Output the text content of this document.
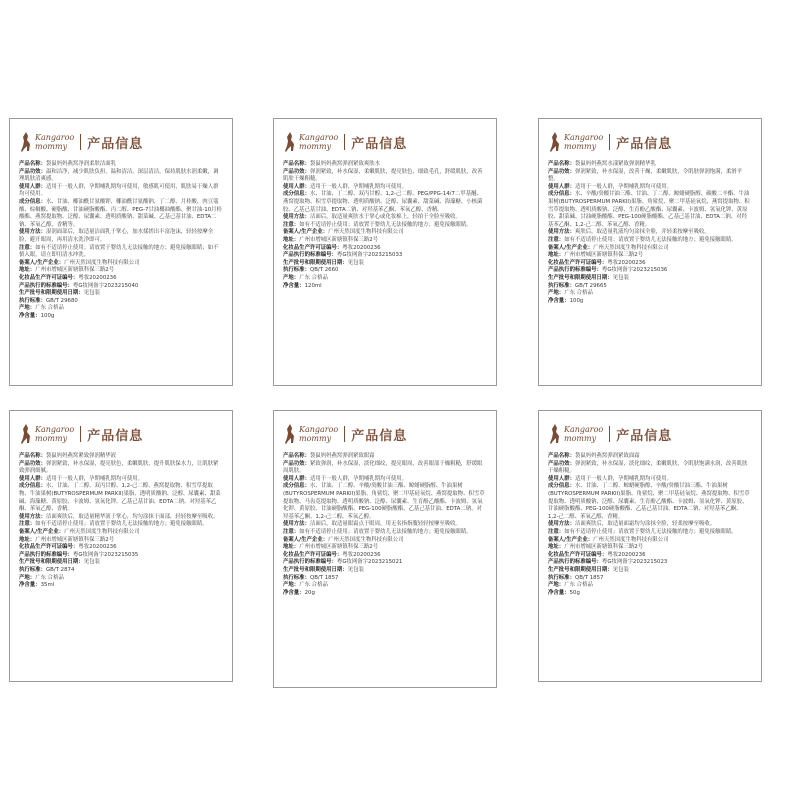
Kangaroo
mommy	产品信息

产品名称：袋鼠妈妈燕窝净润柔肤洁面乳

产品功效：温和洁净，减少肌肤负担，温和清洁，深层清洁，保持肌肤水润柔嫩，调理肌肤清爽感。

使用人群：适用于一般人群，孕期哺乳期均可使用，敏感肌可使用，肌肤易干燥人群均可使用。

成分信息：水、甘油、椰油酰甘氨酸钾、椰油酰甘氨酸钠、丁二醇、月桂酸、肉豆蔻酸、棕榈酸、硬脂酸、甘油硬脂酸酯、丙二醇、PEG-7甘油椰油酸酯、聚甘油-10月桂酸酯、燕窝提取物、泛醇、尿囊素、透明质酸钠、甜菜碱、乙基己基甘油、EDTA二钠、苯氧乙醇、香精等。

使用方法：湿润面部后，取适量洁面乳于掌心，加水揉搓出丰富泡沫，轻轻按摩全脸，避开眼周，再用清水洗净即可。

注意：如有不适请停止使用；请放置于婴幼儿无法接触的地方；避免接触眼睛；如不慎入眼，请立即用清水冲洗。

备案人/生产企业：广州天然国度生物科技有限公司

地址：广州市增城区新塘镇科保三路2号

化妆品生产许可证编号：粤妆20200236

产品执行的标准编号：粤G妆网备字2023215040

生产批号和限期使用日期：见包装

执行标准：GB/T 29680

产地：广东 合格品

净含量：100g

Kangaroo
mommy	产品信息

产品名称：袋鼠妈妈燕窝弹润紧致爽肤水

产品功效：弹润紧致，补水保湿，柔嫩肌肤，提亮肤色，细致毛孔，舒缓肌肤，改善肌肤干燥粗糙。

使用人群：适用于一般人群，孕期哺乳期均可使用。

成分信息：水、甘油、丁二醇、双丙甘醇、1,2-己二醇、PEG/PPG-14/7二甲基醚、燕窝提取物、积雪草提取物、透明质酸钠、泛醇、尿囊素、甜菜碱、海藻糖、小核菌胶、乙基己基甘油、EDTA二钠、对羟基苯乙酮、苯氧乙醇、香精。

使用方法：洁面后，取适量爽肤水于掌心或化妆棉上，轻拍于全脸至吸收。

注意：如有不适请停止使用；请放置于婴幼儿无法接触的地方；避免接触眼睛。

备案人/生产企业：广州天然国度生物科技有限公司

地址：广州市增城区新塘镇科保三路2号

化妆品生产许可证编号：粤妆20200236

产品执行的标准编号：粤G妆网备字2023215033

生产批号和限期使用日期：见包装

执行标准：QB/T 2660

产地：广东 合格品

净含量：120ml

Kangaroo
mommy	产品信息

产品名称：袋鼠妈妈燕窝水漾紧致弹润精华乳

产品功效：弹润紧致，补水保湿，改善干燥，柔嫩肌肤，令肌肤弹润饱满，柔滑平整。

使用人群：适用于一般人群，孕期哺乳期均可使用。

成分信息：水、辛酸/癸酸甘油三酯、甘油、丁二醇、鲸蜡硬脂醇、碳酸二辛酯、牛油果树(BUTYROSPERMUM PARKII)果脂、角鲨烷、聚二甲基硅氧烷、燕窝提取物、积雪草提取物、透明质酸钠、泛醇、生育酚乙酸酯、尿囊素、卡波姆、氢氧化钾、黄原胶、甜菜碱、甘油硬脂酸酯、PEG-100硬脂酸酯、乙基己基甘油、EDTA二钠、对羟基苯乙酮、1,2-己二醇、苯氧乙醇、香精。

使用方法：爽肤后，取适量乳液均匀涂抹全脸，并轻柔按摩至吸收。

注意：如有不适请停止使用；请放置于婴幼儿无法接触的地方；避免接触眼睛。

备案人/生产企业：广州天然国度生物科技有限公司

地址：广州市增城区新塘镇科保三路2号

化妆品生产许可证编号：粤妆20200236

产品执行的标准编号：粤G妆网备字2023215036

生产批号和限期使用日期：见包装

执行标准：GB/T 29665

产地：广东 合格品

净含量：100g

Kangaroo
mommy	产品信息

产品名称：袋鼠妈妈燕窝紧致弹润精华液

产品功效：弹润紧致，补水保湿，提亮肤色，柔嫩肌肤，提升肌肤保水力，让肌肤紧致弹润细腻。

使用人群：适用于一般人群，孕期哺乳期均可使用。

成分信息：水、甘油、丁二醇、双丙甘醇、1,2-己二醇、燕窝提取物、积雪草提取物、牛油果树(BUTYROSPERMUM PARKII)果脂、透明质酸钠、泛醇、尿囊素、甜菜碱、海藻糖、黄原胶、卡波姆、氢氧化钾、乙基己基甘油、EDTA二钠、对羟基苯乙酮、苯氧乙醇、香精。

使用方法：洁面爽肤后，取适量精华液于掌心，均匀涂抹于面部，轻轻按摩至吸收。

注意：如有不适请停止使用；请放置于婴幼儿无法接触的地方；避免接触眼睛。

备案人/生产企业：广州天然国度生物科技有限公司

地址：广州市增城区新塘镇科保三路2号

化妆品生产许可证编号：粤妆20200236

产品执行的标准编号：粤G妆网备字2023215035

生产批号和限期使用日期：见包装

执行标准：GB/T 2874

产地：广东 合格品

净含量：35ml

Kangaroo
mommy	产品信息

产品名称：袋鼠妈妈燕窝弹润紧致眼霜

产品功效：紧致弹润，补水保湿，淡化细纹，提亮眼周，改善眼部干燥粗糙，舒缓眼周肌肤。

使用人群：适用于一般人群，孕期哺乳期均可使用。

成分信息：水、甘油、丁二醇、辛酸/癸酸甘油三酯、鲸蜡硬脂醇、牛油果树(BUTYROSPERMUM PARKII)果脂、角鲨烷、聚二甲基硅氧烷、燕窝提取物、积雪草提取物、马齿苋提取物、透明质酸钠、泛醇、尿囊素、生育酚乙酸酯、卡波姆、氢氧化钾、黄原胶、甘油硬脂酸酯、PEG-100硬脂酸酯、乙基己基甘油、EDTA二钠、对羟基苯乙酮、1,2-己二醇、苯氧乙醇。

使用方法：洁面后，取适量眼霜点于眼周，用无名指指腹轻轻按摩至吸收。

注意：如有不适请停止使用；请放置于婴幼儿无法接触的地方；避免接触眼睛。

备案人/生产企业：广州天然国度生物科技有限公司

地址：广州市增城区新塘镇科保三路2号

化妆品生产许可证编号：粤妆20200236

产品执行的标准编号：粤G妆网备字2023215021

生产批号和限期使用日期：见包装

执行标准：QB/T 1857

产地：广东 合格品

净含量：20g

Kangaroo
mommy	产品信息

产品名称：袋鼠妈妈燕窝弹润紧致面霜

产品功效：弹润紧致，补水保湿，淡化细纹，柔嫩肌肤，令肌肤饱满水润，改善肌肤干燥粗糙。

使用人群：适用于一般人群，孕期哺乳期均可使用。

成分信息：水、甘油、丁二醇、鲸蜡硬脂醇、辛酸/癸酸甘油三酯、牛油果树(BUTYROSPERMUM PARKII)果脂、角鲨烷、聚二甲基硅氧烷、燕窝提取物、积雪草提取物、透明质酸钠、泛醇、尿囊素、生育酚乙酸酯、卡波姆、氢氧化钾、黄原胶、甘油硬脂酸酯、PEG-100硬脂酸酯、乙基己基甘油、EDTA二钠、对羟基苯乙酮、1,2-己二醇、苯氧乙醇、香精。

使用方法：洁面爽肤后，取适量面霜均匀涂抹全脸，轻柔按摩至吸收。

注意：如有不适请停止使用；请放置于婴幼儿无法接触的地方；避免接触眼睛。

备案人/生产企业：广州天然国度生物科技有限公司

地址：广州市增城区新塘镇科保三路2号

化妆品生产许可证编号：粤妆20200236

产品执行的标准编号：粤G妆网备字2023215023

生产批号和限期使用日期：见包装

执行标准：QB/T 1857

产地：广东 合格品

净含量：50g
